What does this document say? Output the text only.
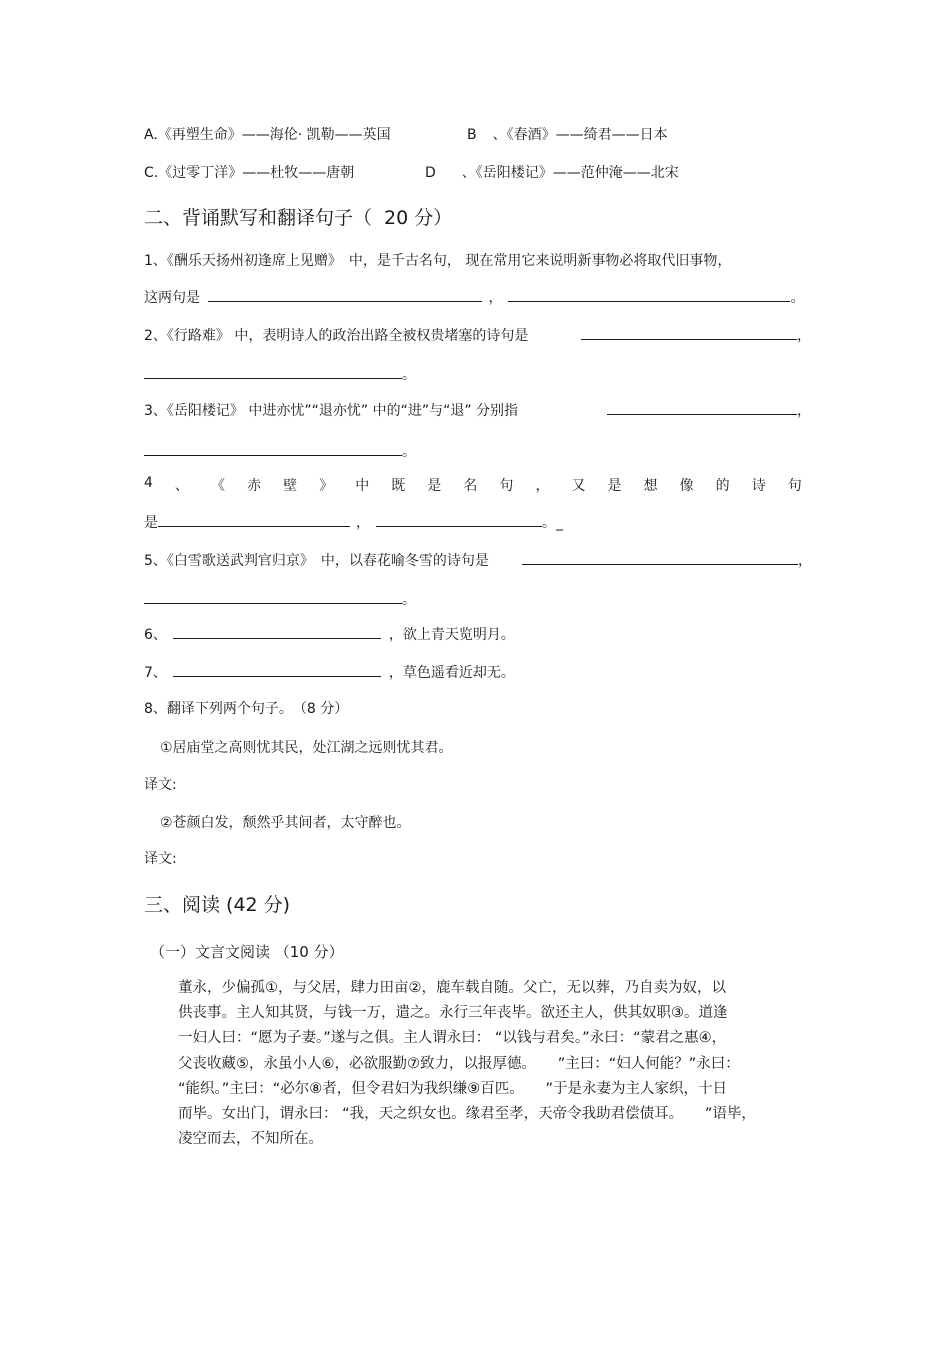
A.《再塑生命》——海伦· 凯勒——英国	B 、《春酒》——绮君——日本
C.《过零丁洋》——杜牧——唐朝	D 、《岳阳楼记》——范仲淹——北宋
二、背诵默写和翻译句子（ 20 分）
1、《酬乐天扬州初逢席上见赠》　中，是千古名句， 现在常用它来说明新事物必将取代旧事物，
这两句是	，	。
2、《行路难》 中，表明诗人的政治出路全被权贵堵塞的诗句是	，
。
3、《岳阳楼记》 中进亦忧”“退亦忧” 中的“进”与“退” 分别指	，
。
4 、 《 赤 壁 》 中 既 是 名 句 ， 又 是 想 像 的 诗 句
是	，	。_
5、《白雪歌送武判官归京》　中，以春花喻冬雪的诗句是	，
。
6、	，欲上青天览明月。
7、	，草色遥看近却无。
8、翻译下列两个句子。　（8 分）
①居庙堂之高则忧其民，处江湖之远则忧其君。
译文:
②苍颜白发，颓然乎其间者，太守醉也。
译文:
三、阅读 (42 分)
（一）文言文阅读 （10 分）
董永，少偏孤①，与父居，肆力田亩②，鹿车载自随。父亡，无以葬，乃自卖为奴，以
供丧事。主人知其贤，与钱一万，遣之。永行三年丧毕。欲还主人，供其奴职③。道逢
一妇人曰：“愿为子妻。”遂与之俱。主人谓永曰： “以钱与君矣。”永曰：“蒙君之惠④，
父丧收藏⑤，永虽小人⑥，必欲服勤⑦致力，以报厚德。　　”主曰：“妇人何能？”永曰：
“能织。”主曰：“必尔⑧者，但令君妇为我织缣⑨百匹。　　”于是永妻为主人家织，十日
而毕。女出门，谓永曰： “我，天之织女也。缘君至孝，天帝令我助君偿债耳。　　”语毕，
凌空而去，不知所在。
